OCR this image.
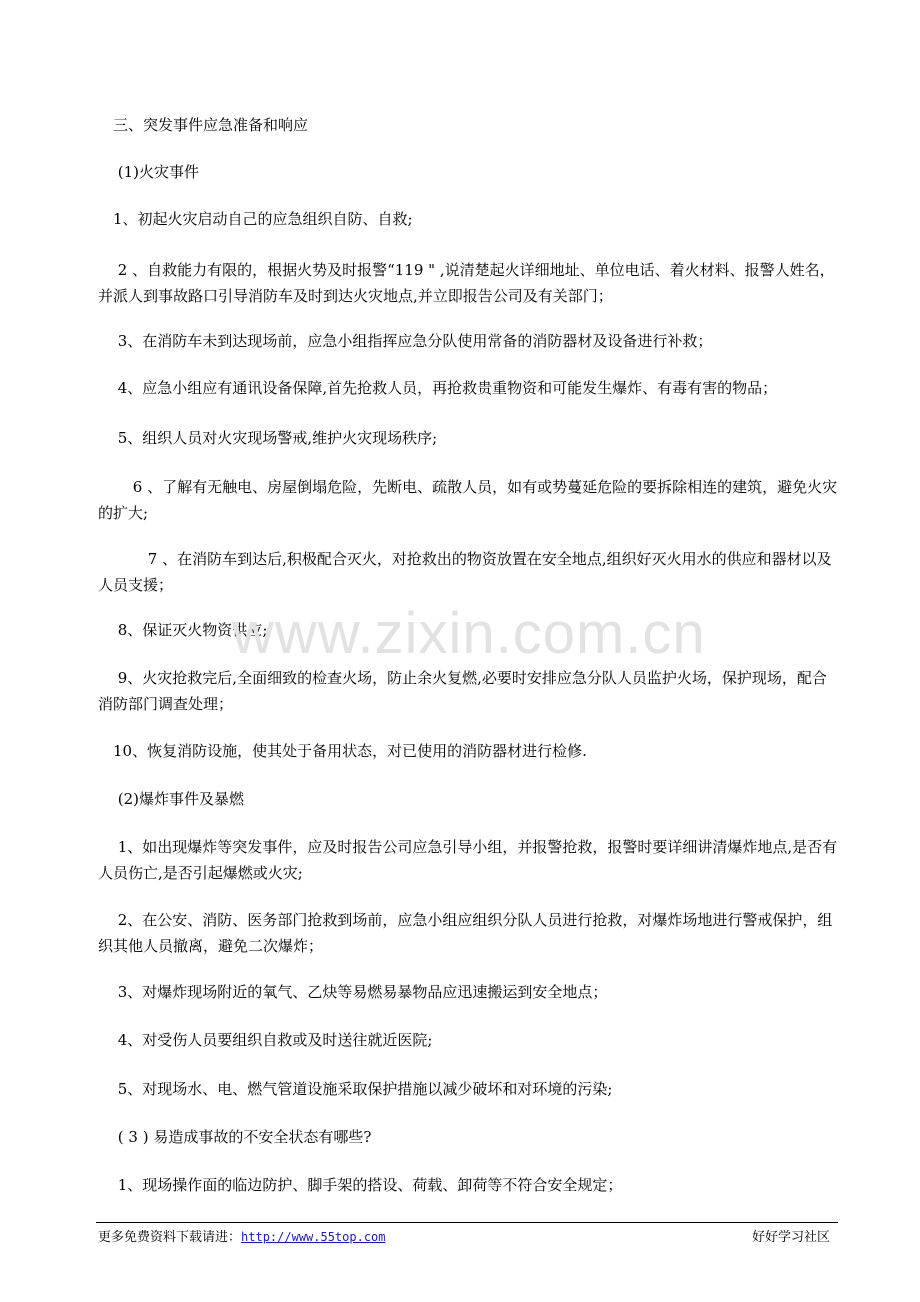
　三、突发事件应急准备和响应

　 (1)火灾事件

　1、初起火灾启动自己的应急组织自防、自救;

　 2 、自救能力有限的，根据火势及时报警“119 " ,说清楚起火详细地址、单位电话、着火材料、报警人姓名，并派人到事故路口引导消防车及时到达火灾地点,并立即报告公司及有关部门；

　 3、在消防车未到达现场前，应急小组指挥应急分队使用常备的消防器材及设备进行补救；

　 4、应急小组应有通讯设备保障,首先抢救人员，再抢救贵重物资和可能发生爆炸、有毒有害的物品；

　 5、组织人员对火灾现场警戒,维护火灾现场秩序;

　　 6 、了解有无触电、房屋倒塌危险，先断电、疏散人员，如有或势蔓延危险的要拆除相连的建筑，避免火灾的扩大;

　　　 7 、在消防车到达后,积极配合灭火，对抢救出的物资放置在安全地点,组织好灭火用水的供应和器材以及人员支援；

　 8、保证灭火物资供应;

　 9、火灾抢救完后,全面细致的检查火场，防止余火复燃,必要时安排应急分队人员监护火场，保护现场，配合消防部门调查处理；

　10、恢复消防设施，使其处于备用状态，对已使用的消防器材进行检修.

　 (2)爆炸事件及暴燃

　 1、如出现爆炸等突发事件，应及时报告公司应急引导小组，并报警抢救，报警时要详细讲清爆炸地点,是否有人员伤亡,是否引起爆燃或火灾;

　 2、在公安、消防、医务部门抢救到场前，应急小组应组织分队人员进行抢救，对爆炸场地进行警戒保护，组织其他人员撤离，避免二次爆炸；

　 3、对爆炸现场附近的氧气、乙炔等易燃易暴物品应迅速搬运到安全地点；

　 4、对受伤人员要组织自救或及时送往就近医院;

　 5、对现场水、电、燃气管道设施采取保护措施以减少破坏和对环境的污染;

　 ( 3 ) 易造成事故的不安全状态有哪些?

　 1、现场操作面的临边防护、脚手架的搭设、荷载、卸荷等不符合安全规定；

www.zixin.com.cn
更多免费资料下载请进：http://www.55top.com	好好学习社区
